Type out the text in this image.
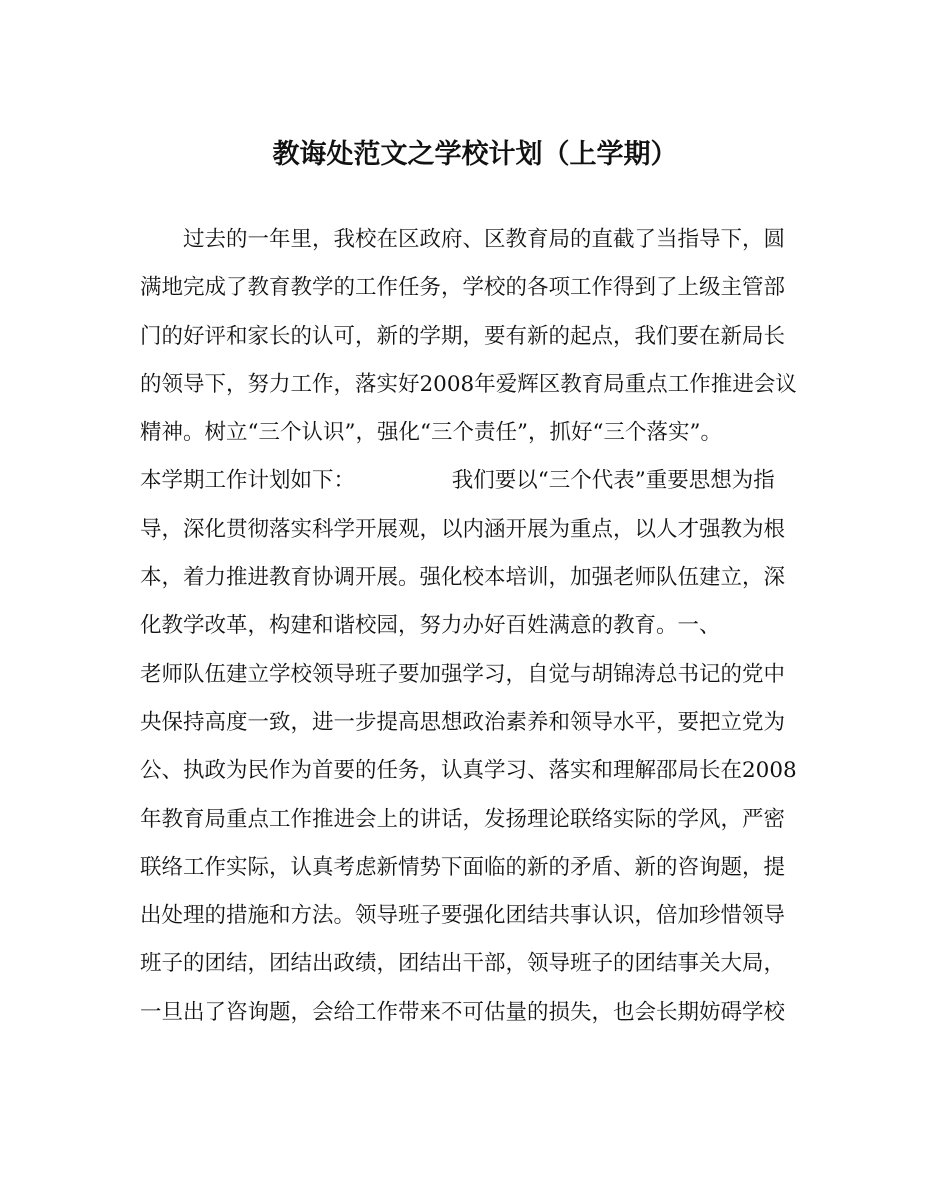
教诲处范文之学校计划（上学期）
　　过去的一年里，我校在区政府、区教育局的直截了当指导下，圆
满地完成了教育教学的工作任务，学校的各项工作得到了上级主管部
门的好评和家长的认可，新的学期，要有新的起点，我们要在新局长
的领导下，努力工作，落实好2008年爱辉区教育局重点工作推进会议
精神。树立“三个认识”，强化“三个责任”，抓好“三个落实”。
本学期工作计划如下：　　　　　我们要以“三个代表”重要思想为指
导，深化贯彻落实科学开展观，以内涵开展为重点，以人才强教为根
本，着力推进教育协调开展。强化校本培训，加强老师队伍建立，深
化教学改革，构建和谐校园，努力办好百姓满意的教育。一、
老师队伍建立学校领导班子要加强学习，自觉与胡锦涛总书记的党中
央保持高度一致，进一步提高思想政治素养和领导水平，要把立党为
公、执政为民作为首要的任务，认真学习、落实和理解邵局长在2008
年教育局重点工作推进会上的讲话，发扬理论联络实际的学风，严密
联络工作实际，认真考虑新情势下面临的新的矛盾、新的咨询题，提
出处理的措施和方法。领导班子要强化团结共事认识，倍加珍惜领导
班子的团结，团结出政绩，团结出干部，领导班子的团结事关大局，
一旦出了咨询题，会给工作带来不可估量的损失，也会长期妨碍学校
